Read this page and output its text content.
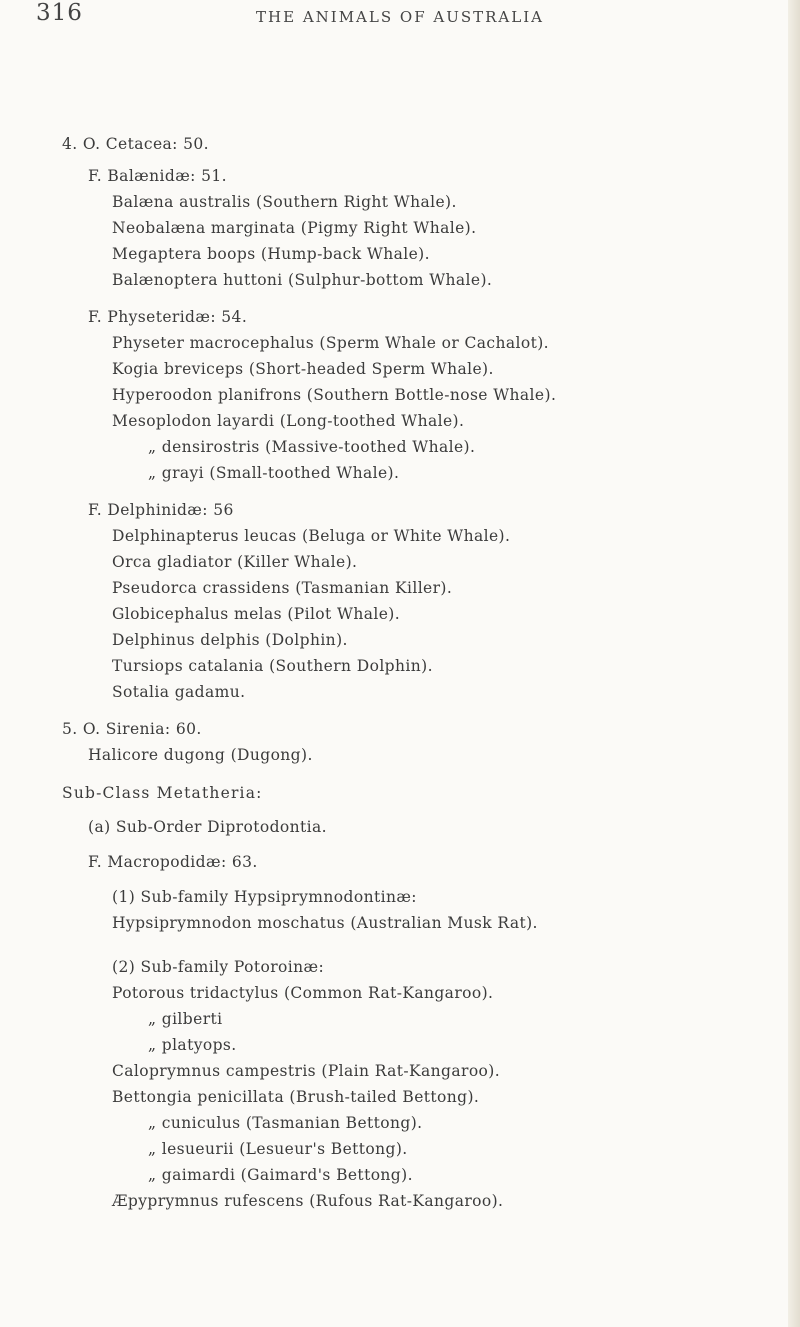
316	THE ANIMALS OF AUSTRALIA
4. O. Cetacea: 50.
F. Balænidæ: 51.
Balæna australis (Southern Right Whale).
Neobalæna marginata (Pigmy Right Whale).
Megaptera boops (Hump-back Whale).
Balænoptera huttoni (Sulphur-bottom Whale).
F. Physeteridæ: 54.
Physeter macrocephalus (Sperm Whale or Cachalot).
Kogia breviceps (Short-headed Sperm Whale).
Hyperoodon planifrons (Southern Bottle-nose Whale).
Mesoplodon layardi (Long-toothed Whale).
„ densirostris (Massive-toothed Whale).
„ grayi (Small-toothed Whale).
F. Delphinidæ: 56
Delphinapterus leucas (Beluga or White Whale).
Orca gladiator (Killer Whale).
Pseudorca crassidens (Tasmanian Killer).
Globicephalus melas (Pilot Whale).
Delphinus delphis (Dolphin).
Tursiops catalania (Southern Dolphin).
Sotalia gadamu.
5. O. Sirenia: 60.
Halicore dugong (Dugong).
Sub-Class Metatheria:
(a) Sub-Order Diprotodontia.
F. Macropodidæ: 63.
(1) Sub-family Hypsiprymnodontinæ:
Hypsiprymnodon moschatus (Australian Musk Rat).
(2) Sub-family Potoroinæ:
Potorous tridactylus (Common Rat-Kangaroo).
„ gilberti
„ platyops.
Caloprymnus campestris (Plain Rat-Kangaroo).
Bettongia penicillata (Brush-tailed Bettong).
„ cuniculus (Tasmanian Bettong).
„ lesueurii (Lesueur's Bettong).
„ gaimardi (Gaimard's Bettong).
Æpyprymnus rufescens (Rufous Rat-Kangaroo).
